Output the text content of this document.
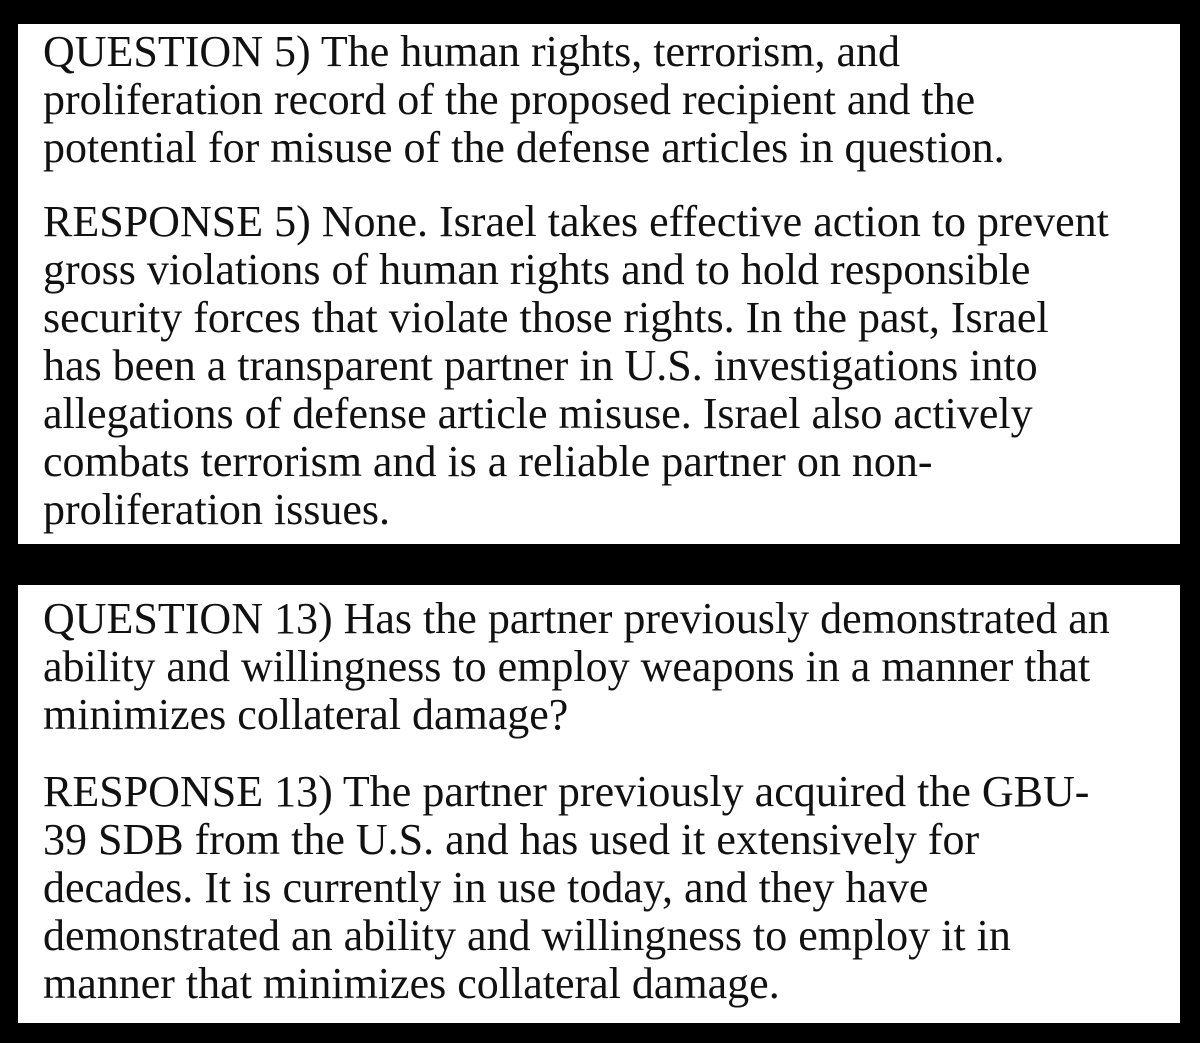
QUESTION 5) The human rights, terrorism, and
proliferation record of the proposed recipient and the
potential for misuse of the defense articles in question.

RESPONSE 5) None. Israel takes effective action to prevent
gross violations of human rights and to hold responsible
security forces that violate those rights. In the past, Israel
has been a transparent partner in U.S. investigations into
allegations of defense article misuse. Israel also actively
combats terrorism and is a reliable partner on non-
proliferation issues.

QUESTION 13) Has the partner previously demonstrated an
ability and willingness to employ weapons in a manner that
minimizes collateral damage?

RESPONSE 13) The partner previously acquired the GBU-
39 SDB from the U.S. and has used it extensively for
decades. It is currently in use today, and they have
demonstrated an ability and willingness to employ it in
manner that minimizes collateral damage.
